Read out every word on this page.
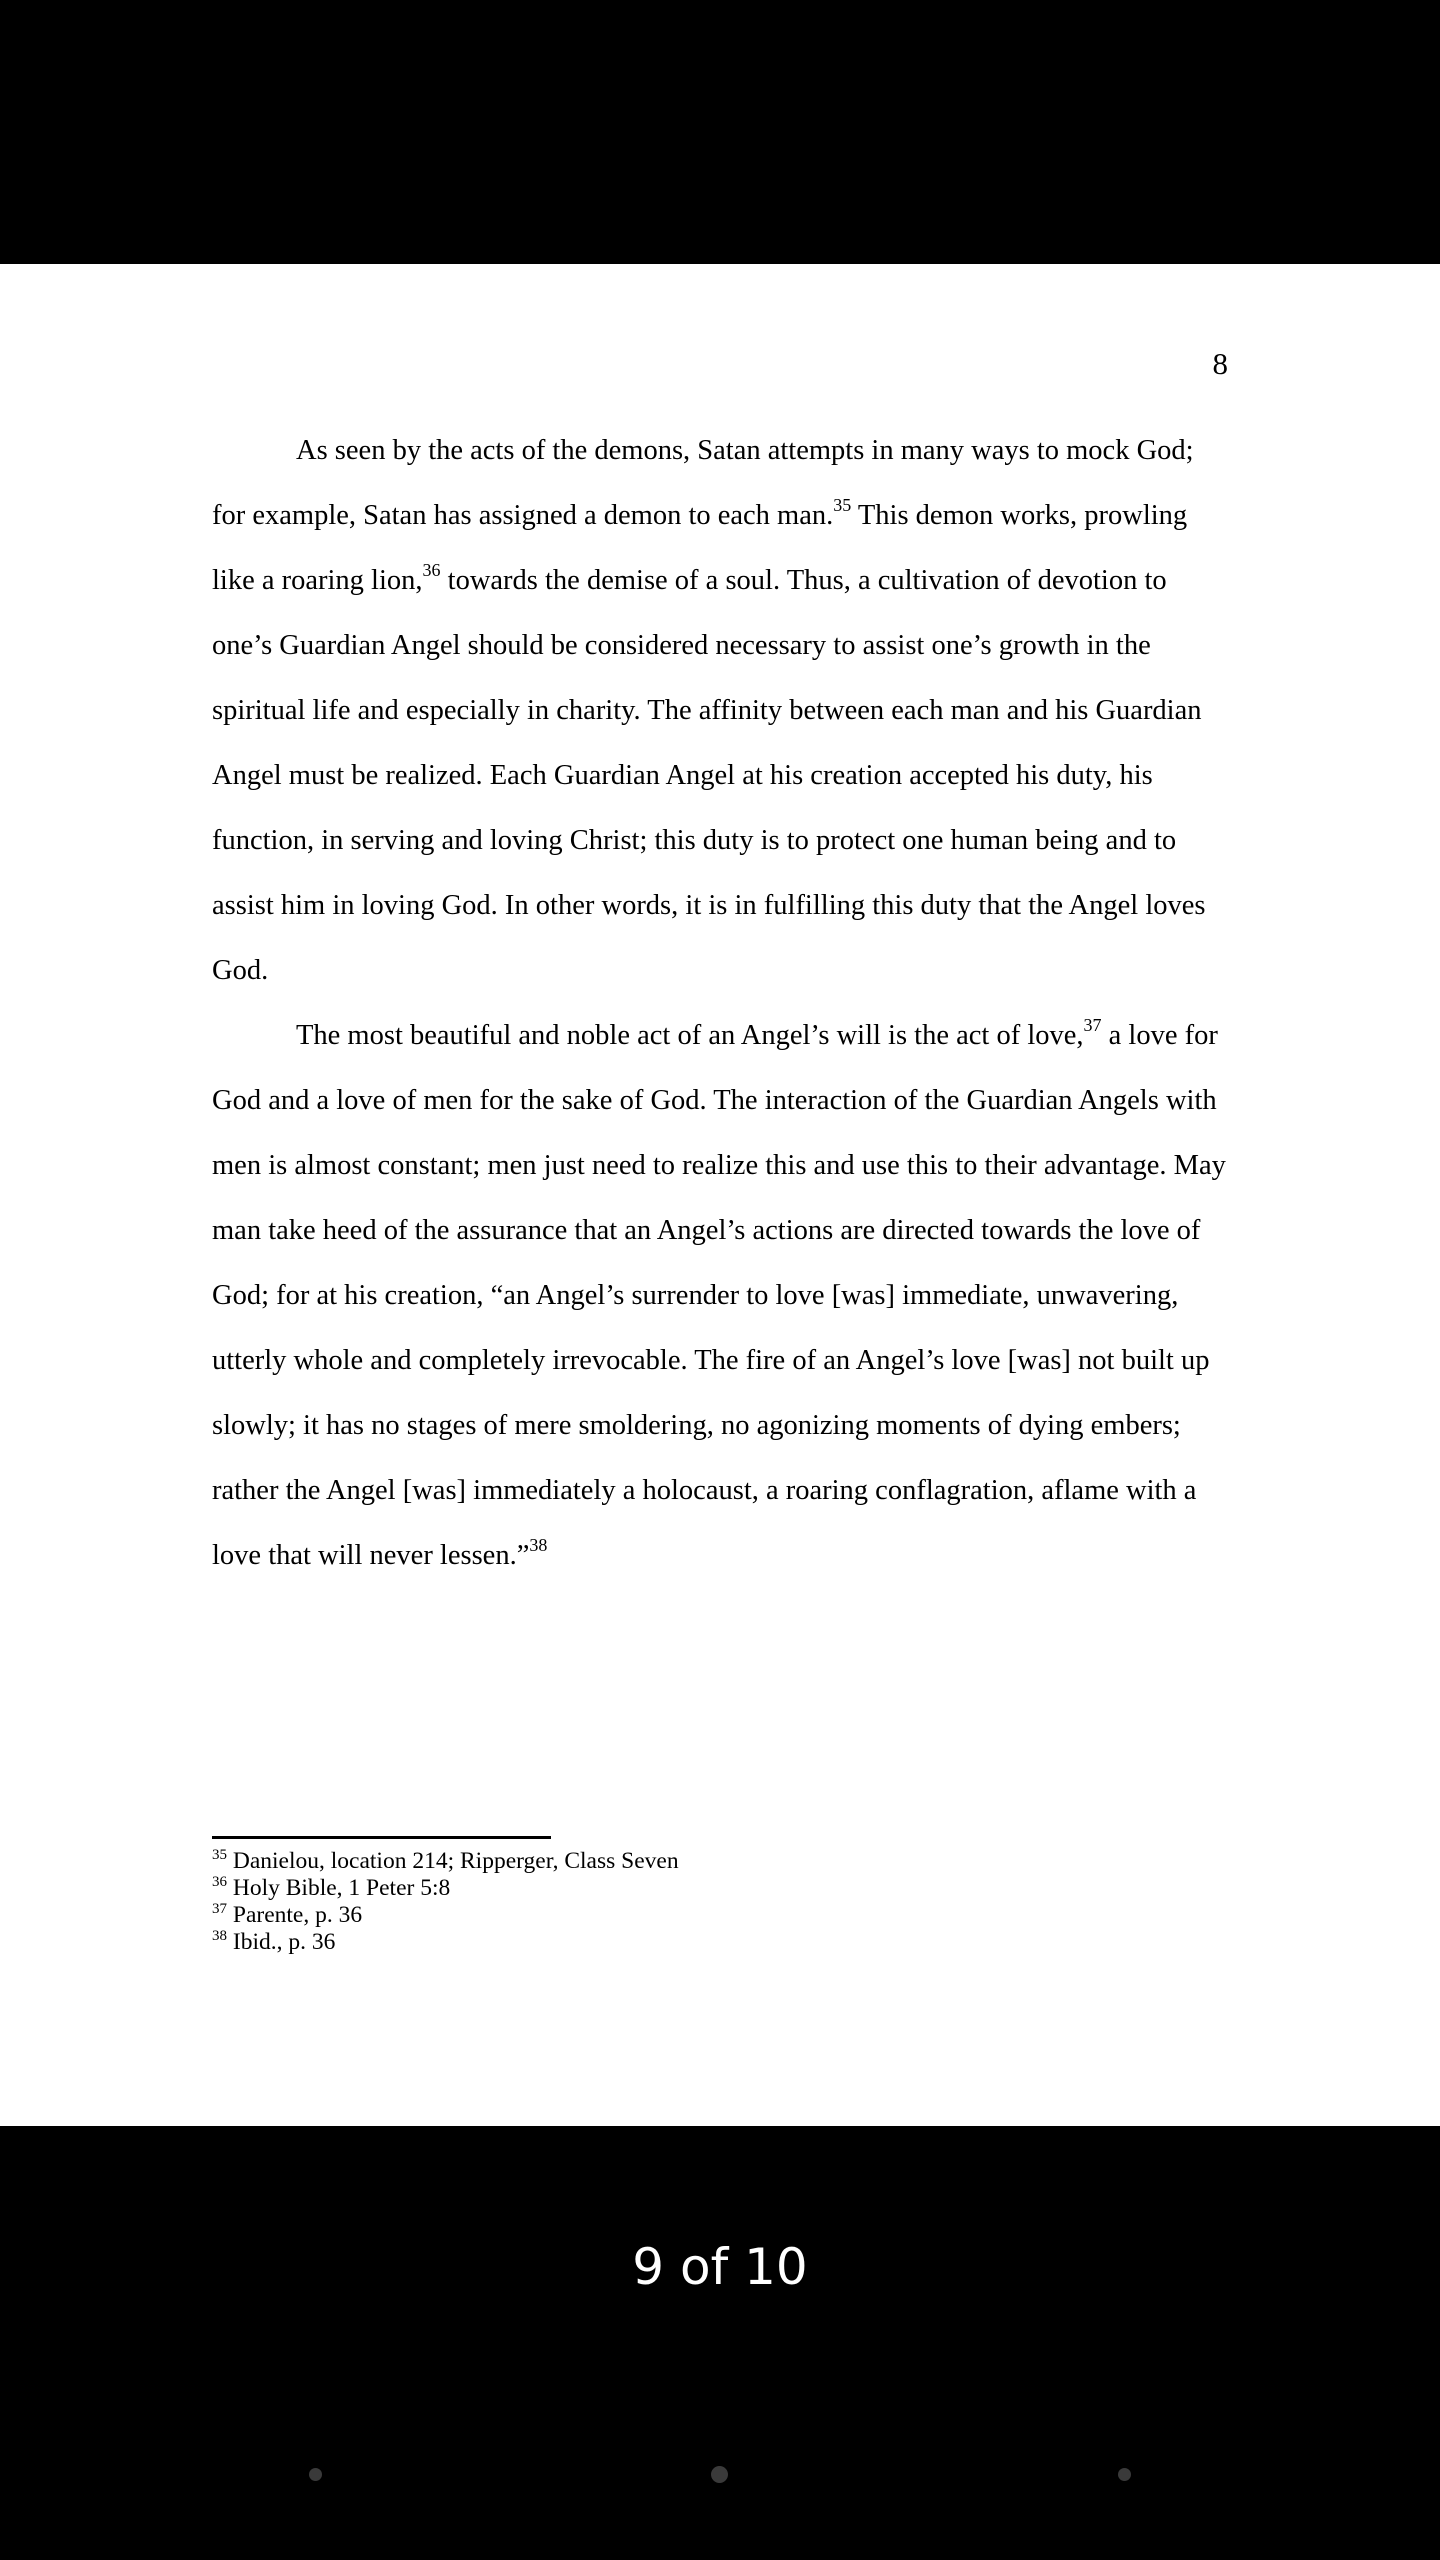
8

As seen by the acts of the demons, Satan attempts in many ways to mock God; for example, Satan has assigned a demon to each man.$^{35}$ This demon works, prowling like a roaring lion,$^{36}$ towards the demise of a soul. Thus, a cultivation of devotion to one’s Guardian Angel should be considered necessary to assist one’s growth in the spiritual life and especially in charity. The affinity between each man and his Guardian Angel must be realized. Each Guardian Angel at his creation accepted his duty, his function, in serving and loving Christ; this duty is to protect one human being and to assist him in loving God. In other words, it is in fulfilling this duty that the Angel loves God.

The most beautiful and noble act of an Angel’s will is the act of love,$^{37}$ a love for God and a love of men for the sake of God. The interaction of the Guardian Angels with men is almost constant; men just need to realize this and use this to their advantage. May man take heed of the assurance that an Angel’s actions are directed towards the love of God; for at his creation, “an Angel’s surrender to love [was] immediate, unwavering, utterly whole and completely irrevocable. The fire of an Angel’s love [was] not built up slowly; it has no stages of mere smoldering, no agonizing moments of dying embers; rather the Angel [was] immediately a holocaust, a roaring conflagration, aflame with a love that will never lessen.”$^{38}$

$^{35}$ Danielou, location 214; Ripperger, Class Seven
$^{36}$ Holy Bible, 1 Peter 5:8
$^{37}$ Parente, p. 36
$^{38}$ Ibid., p. 36
9 of 10
